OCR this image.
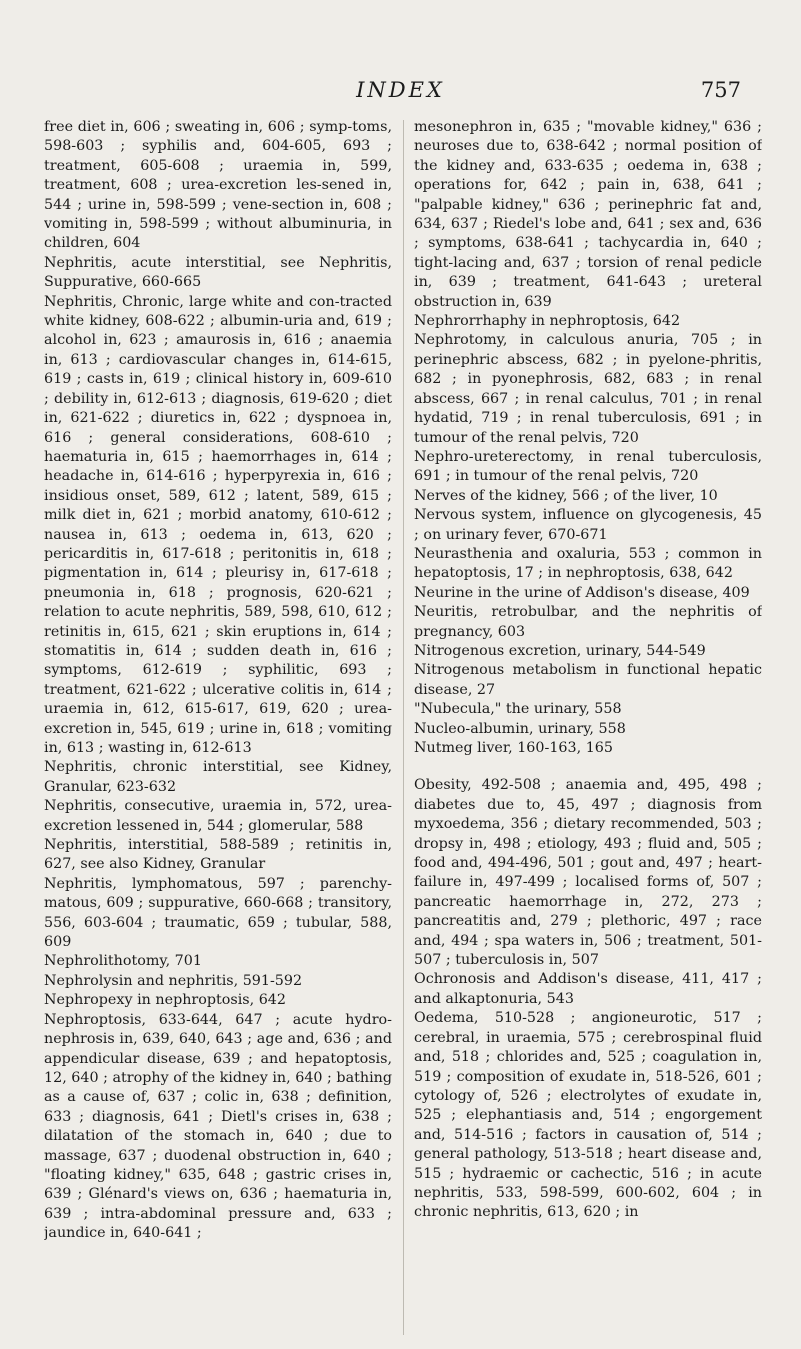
INDEX	757

free diet in, 606 ; sweating in, 606 ; symp-toms, 598-603 ; syphilis and, 604-605, 693 ; treatment, 605-608 ; uraemia in, 599, treatment, 608 ; urea-excretion les-sened in, 544 ; urine in, 598-599 ; vene-section in, 608 ; vomiting in, 598-599 ; without albuminuria, in children, 604

Nephritis, acute interstitial, see Nephritis, Suppurative, 660-665

Nephritis, Chronic, large white and con-tracted white kidney, 608-622 ; albumin-uria and, 619 ; alcohol in, 623 ; amaurosis in, 616 ; anaemia in, 613 ; cardiovascular changes in, 614-615, 619 ; casts in, 619 ; clinical history in, 609-610 ; debility in, 612-613 ; diagnosis, 619-620 ; diet in, 621-622 ; diuretics in, 622 ; dyspnoea in, 616 ; general considerations, 608-610 ; haematuria in, 615 ; haemorrhages in, 614 ; headache in, 614-616 ; hyperpyrexia in, 616 ; insidious onset, 589, 612 ; latent, 589, 615 ; milk diet in, 621 ; morbid anatomy, 610-612 ; nausea in, 613 ; oedema in, 613, 620 ; pericarditis in, 617-618 ; peritonitis in, 618 ; pigmentation in, 614 ; pleurisy in, 617-618 ; pneumonia in, 618 ; prognosis, 620-621 ; relation to acute nephritis, 589, 598, 610, 612 ; retinitis in, 615, 621 ; skin eruptions in, 614 ; stomatitis in, 614 ; sudden death in, 616 ; symptoms, 612-619 ; syphilitic, 693 ; treatment, 621-622 ; ulcerative colitis in, 614 ; uraemia in, 612, 615-617, 619, 620 ; urea-excretion in, 545, 619 ; urine in, 618 ; vomiting in, 613 ; wasting in, 612-613

Nephritis, chronic interstitial, see Kidney, Granular, 623-632

Nephritis, consecutive, uraemia in, 572, urea-excretion lessened in, 544 ; glomerular, 588

Nephritis, interstitial, 588-589 ; retinitis in, 627, see also Kidney, Granular

Nephritis, lymphomatous, 597 ; parenchy-matous, 609 ; suppurative, 660-668 ; transitory, 556, 603-604 ; traumatic, 659 ; tubular, 588, 609

Nephrolithotomy, 701

Nephrolysin and nephritis, 591-592

Nephropexy in nephroptosis, 642

Nephroptosis, 633-644, 647 ; acute hydro-nephrosis in, 639, 640, 643 ; age and, 636 ; and appendicular disease, 639 ; and hepatoptosis, 12, 640 ; atrophy of the kidney in, 640 ; bathing as a cause of, 637 ; colic in, 638 ; definition, 633 ; diagnosis, 641 ; Dietl's crises in, 638 ; dilatation of the stomach in, 640 ; due to massage, 637 ; duodenal obstruction in, 640 ; "floating kidney," 635, 648 ; gastric crises in, 639 ; Glénard's views on, 636 ; haematuria in, 639 ; intra-abdominal pressure and, 633 ; jaundice in, 640-641 ;

mesonephron in, 635 ; "movable kidney," 636 ; neuroses due to, 638-642 ; normal position of the kidney and, 633-635 ; oedema in, 638 ; operations for, 642 ; pain in, 638, 641 ; "palpable kidney," 636 ; perinephric fat and, 634, 637 ; Riedel's lobe and, 641 ; sex and, 636 ; symptoms, 638-641 ; tachycardia in, 640 ; tight-lacing and, 637 ; torsion of renal pedicle in, 639 ; treatment, 641-643 ; ureteral obstruction in, 639

Nephrorrhaphy in nephroptosis, 642

Nephrotomy, in calculous anuria, 705 ; in perinephric abscess, 682 ; in pyelone-phritis, 682 ; in pyonephrosis, 682, 683 ; in renal abscess, 667 ; in renal calculus, 701 ; in renal hydatid, 719 ; in renal tuberculosis, 691 ; in tumour of the renal pelvis, 720

Nephro-ureterectomy, in renal tuberculosis, 691 ; in tumour of the renal pelvis, 720

Nerves of the kidney, 566 ; of the liver, 10

Nervous system, influence on glycogenesis, 45 ; on urinary fever, 670-671

Neurasthenia and oxaluria, 553 ; common in hepatoptosis, 17 ; in nephroptosis, 638, 642

Neurine in the urine of Addison's disease, 409

Neuritis, retrobulbar, and the nephritis of pregnancy, 603

Nitrogenous excretion, urinary, 544-549

Nitrogenous metabolism in functional hepatic disease, 27

"Nubecula," the urinary, 558

Nucleo-albumin, urinary, 558

Nutmeg liver, 160-163, 165

Obesity, 492-508 ; anaemia and, 495, 498 ; diabetes due to, 45, 497 ; diagnosis from myxoedema, 356 ; dietary recommended, 503 ; dropsy in, 498 ; etiology, 493 ; fluid and, 505 ; food and, 494-496, 501 ; gout and, 497 ; heart-failure in, 497-499 ; localised forms of, 507 ; pancreatic haemorrhage in, 272, 273 ; pancreatitis and, 279 ; plethoric, 497 ; race and, 494 ; spa waters in, 506 ; treatment, 501-507 ; tuberculosis in, 507

Ochronosis and Addison's disease, 411, 417 ; and alkaptonuria, 543

Oedema, 510-528 ; angioneurotic, 517 ; cerebral, in uraemia, 575 ; cerebrospinal fluid and, 518 ; chlorides and, 525 ; coagulation in, 519 ; composition of exudate in, 518-526, 601 ; cytology of, 526 ; electrolytes of exudate in, 525 ; elephantiasis and, 514 ; engorgement and, 514-516 ; factors in causation of, 514 ; general pathology, 513-518 ; heart disease and, 515 ; hydraemic or cachectic, 516 ; in acute nephritis, 533, 598-599, 600-602, 604 ; in chronic nephritis, 613, 620 ; in
